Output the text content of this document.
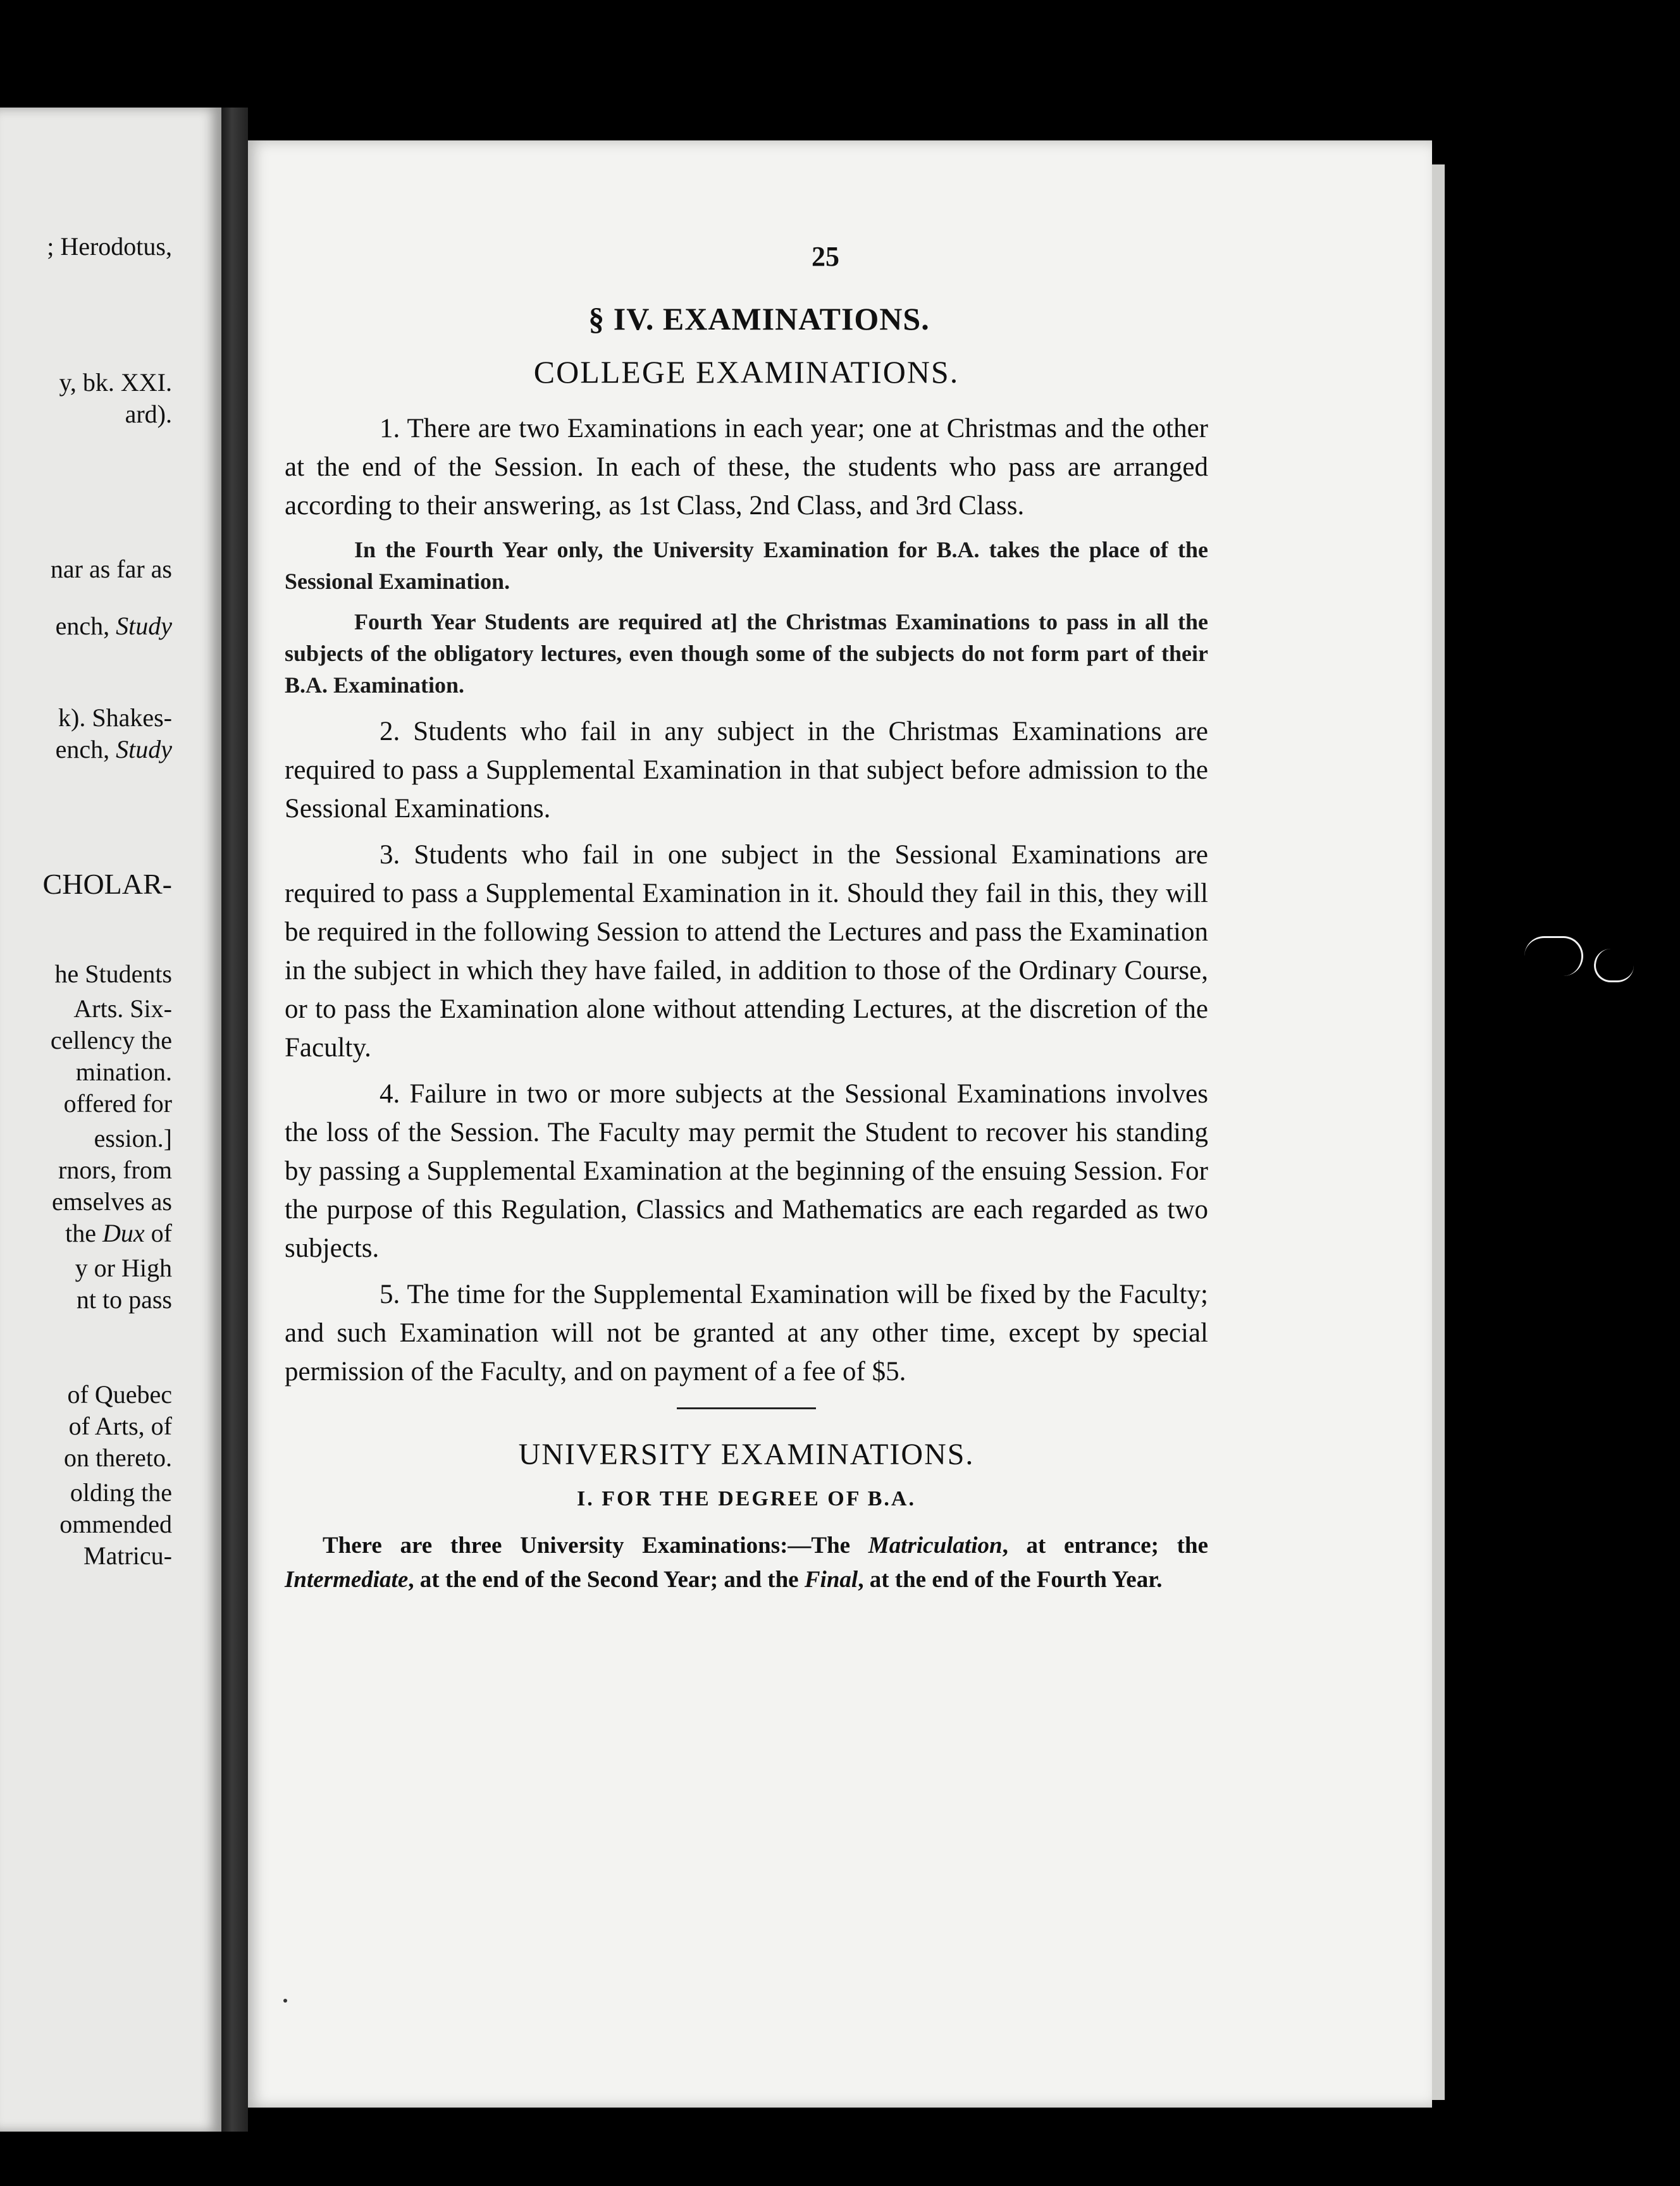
; Herodotus,
y, bk. XXI.
ard).
nar as far as
ench, Study
k). Shakes-
ench, Study
CHOLAR-
he Students
Arts. Six-
cellency the
mination.
offered for
ession.]
rnors, from
emselves as
the Dux of
y or High
nt to pass
of Quebec
of Arts, of
on thereto.
olding the
ommended
Matricu-
25
§ IV. EXAMINATIONS.
COLLEGE EXAMINATIONS.

1. There are two Examinations in each year; one at Christmas and the other at the end of the Session. In each of these, the students who pass are arranged according to their answering, as 1st Class, 2nd Class, and 3rd Class.

In the Fourth Year only, the University Examination for B.A. takes the place of the Sessional Examination.

Fourth Year Students are required at] the Christmas Examinations to pass in all the subjects of the obligatory lectures, even though some of the subjects do not form part of their B.A. Examination.

2. Students who fail in any subject in the Christmas Examinations are required to pass a Supplemental Examination in that subject before admission to the Sessional Examinations.

3. Students who fail in one subject in the Sessional Examinations are required to pass a Supplemental Examination in it. Should they fail in this, they will be required in the following Session to attend the Lectures and pass the Examination in the subject in which they have failed, in addition to those of the Ordinary Course, or to pass the Examination alone without attending Lectures, at the discretion of the Faculty.

4. Failure in two or more subjects at the Sessional Examinations involves the loss of the Session. The Faculty may permit the Student to recover his standing by passing a Supplemental Examination at the beginning of the ensuing Session. For the purpose of this Regulation, Classics and Mathematics are each regarded as two subjects.

5. The time for the Supplemental Examination will be fixed by the Faculty; and such Examination will not be granted at any other time, except by special permission of the Faculty, and on payment of a fee of $5.

UNIVERSITY EXAMINATIONS.
I. FOR THE DEGREE OF B.A.

There are three University Examinations:—The Matriculation, at entrance; the Intermediate, at the end of the Second Year; and the Final, at the end of the Fourth Year.
